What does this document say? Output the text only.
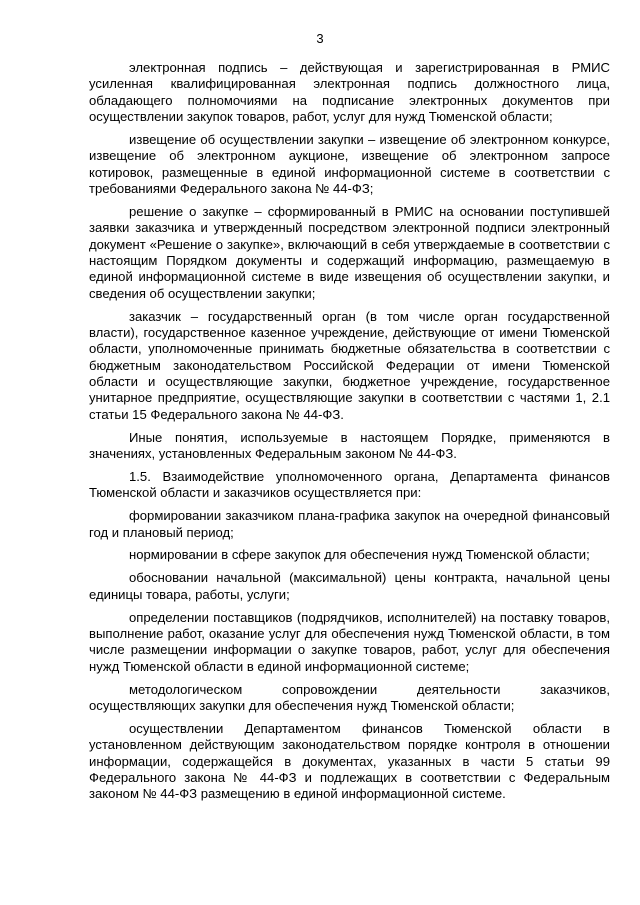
3

электронная подпись – действующая и зарегистрированная в РМИС усиленная квалифицированная электронная подпись должностного лица, обладающего полномочиями на подписание электронных документов при осуществлении закупок товаров, работ, услуг для нужд Тюменской области;

извещение об осуществлении закупки – извещение об электронном конкурсе, извещение об электронном аукционе, извещение об электронном запросе котировок, размещенные в единой информационной системе в соответствии с требованиями Федерального закона № 44-ФЗ;

решение о закупке – сформированный в РМИС на основании поступившей заявки заказчика и утвержденный посредством электронной подписи электронный документ «Решение о закупке», включающий в себя утверждаемые в соответствии с настоящим Порядком документы и содержащий информацию, размещаемую в единой информационной системе в виде извещения об осуществлении закупки, и сведения об осуществлении закупки;

заказчик – государственный орган (в том числе орган государственной власти), государственное казенное учреждение, действующие от имени Тюменской области, уполномоченные принимать бюджетные обязательства в соответствии с бюджетным законодательством Российской Федерации от имени Тюменской области и осуществляющие закупки, бюджетное учреждение, государственное унитарное предприятие, осуществляющие закупки в соответствии с частями 1, 2.1 статьи 15 Федерального закона № 44-ФЗ.

Иные понятия, используемые в настоящем Порядке, применяются в значениях, установленных Федеральным законом № 44-ФЗ.

1.5. Взаимодействие уполномоченного органа, Департамента финансов Тюменской области и заказчиков осуществляется при:

формировании заказчиком плана-графика закупок на очередной финансовый год и плановый период;

нормировании в сфере закупок для обеспечения нужд Тюменской области;

обосновании начальной (максимальной) цены контракта, начальной цены единицы товара, работы, услуги;

определении поставщиков (подрядчиков, исполнителей) на поставку товаров, выполнение работ, оказание услуг для обеспечения нужд Тюменской области, в том числе размещении информации о закупке товаров, работ, услуг для обеспечения нужд Тюменской области в единой информационной системе;

методологическом сопровождении деятельности заказчиков, осуществляющих закупки для обеспечения нужд Тюменской области;

осуществлении Департаментом финансов Тюменской области в установленном действующим законодательством порядке контроля в отношении информации, содержащейся в документах, указанных в части 5 статьи 99 Федерального закона № 44-ФЗ и подлежащих в соответствии с Федеральным законом № 44-ФЗ размещению в единой информационной системе.
